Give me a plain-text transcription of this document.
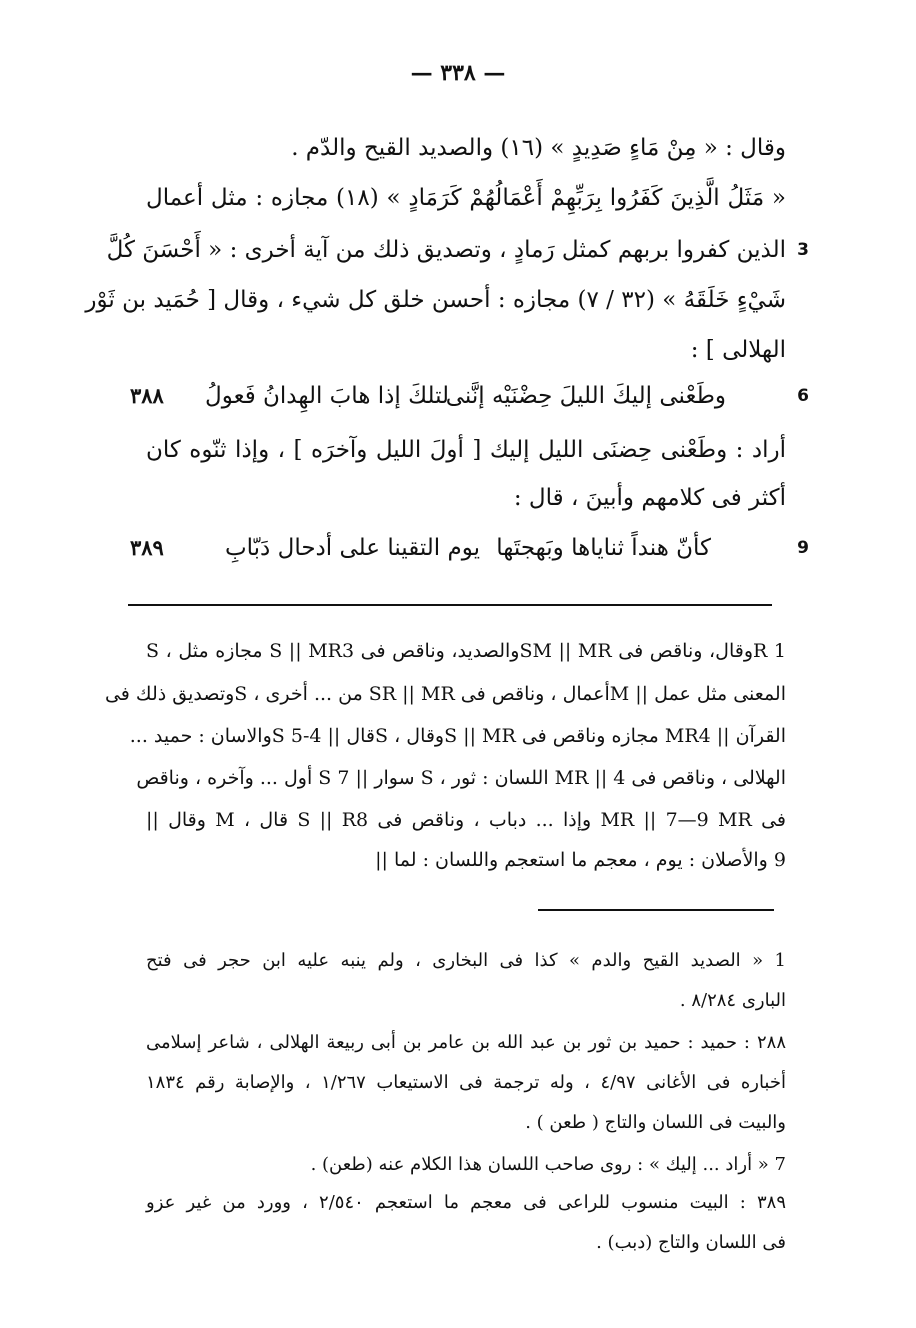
— ٣٣٨ —
وقال : « مِنْ مَاءٍ صَدِيدٍ » (١٦) والصديد القيح والدّم .
« مَثَلُ الَّذِينَ كَفَرُوا بِرَبِّهِمْ أَعْمَالُهُمْ كَرَمَادٍ » (١٨) مجازه : مثل أعمال
الذين كفروا بربهم كمثل رَمادٍ ، وتصديق ذلك من آية أخرى : « أَحْسَنَ كُلَّ 3
شَيْءٍ خَلَقَهُ » (٣٢ / ٧) مجازه : أحسن خلق كل شيء ، وقال [ حُمَيد بن ثَوْر
الهلالى ] :
وطَعْنى إليكَ الليلَ حِضْنَيْه إنَّنى
لتلكَ إذا هابَ الهِدانُ فَعولُ
٣٨٨	6
أراد : وطَعْنى حِضنَى الليل إليك [ أولَ الليل وآخرَه ] ، وإذا ثنّوه كان
أكثر فى كلامهم وأبينَ ، قال :
كأنّ هنداً ثناياها وبَهجتَها
يوم التقينا على أدحال دَبّابِ
٣٨٩	9
1 Rوقال، وناقص فى SM || MRوالصديد، وناقص فى S || MR3 مجازه مثل ، S
المعنى مثل عمل || Mأعمال ، وناقص فى SR || MR من ... أخرى ، Sوتصديق ذلك فى
القرآن || MR4 مجازه وناقص فى S || MRوقال ، Sقال || 4-5 Sوالاسان : حميد ...
الهلالى ، وناقص فى MR || 4 اللسان : ثور ، S سوار || S 7 أول ... وآخره ، وناقص
فى MR || 7—9 MR وإذا ... دباب ، وناقص فى S || R8 قال ، M وقال ||
9 والأصلان : يوم ، معجم ما استعجم واللسان : لما ||
1 « الصديد القيح والدم » كذا فى البخارى ، ولم ينبه عليه ابن حجر فى فتح
البارى ٨/٢٨٤ .
٢٨٨ : حميد : حميد بن ثور بن عبد الله بن عامر بن أبى ربيعة الهلالى ، شاعر إسلامى
أخباره فى الأغانى ٤/٩٧ ، وله ترجمة فى الاستيعاب ١/٢٦٧ ، والإصابة رقم ١٨٣٤
والبيت فى اللسان والتاج ( طعن ) .
7 « أراد ... إليك » : روى صاحب اللسان هذا الكلام عنه (طعن) .
٣٨٩ : البيت منسوب للراعى فى معجم ما استعجم ٢/٥٤٠ ، وورد من غير عزو
فى اللسان والتاج (دبب) .
